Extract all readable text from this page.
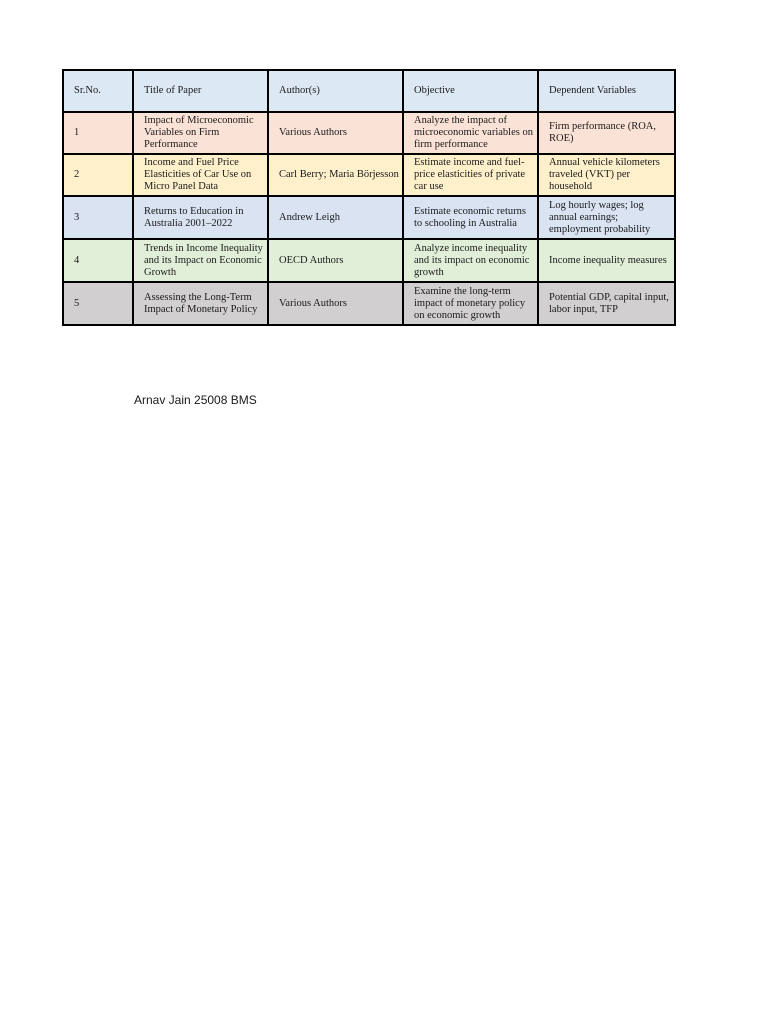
Sr.No.	Title of Paper	Author(s)	Objective	Dependent Variables
1	Impact of Microeconomic Variables on Firm Performance	Various Authors	Analyze the impact of microeconomic variables on firm performance	Firm performance (ROA, ROE)
2	Income and Fuel Price Elasticities of Car Use on Micro Panel Data	Carl Berry; Maria Börjesson	Estimate income and fuel-price elasticities of private car use	Annual vehicle kilometers traveled (VKT) per household
3	Returns to Education in Australia 2001–2022	Andrew Leigh	Estimate economic returns to schooling in Australia	Log hourly wages; log annual earnings; employment probability
4	Trends in Income Inequality and its Impact on Economic Growth	OECD Authors	Analyze income inequality and its impact on economic growth	Income inequality measures
5	Assessing the Long-Term Impact of Monetary Policy	Various Authors	Examine the long-term impact of monetary policy on economic growth	Potential GDP, capital input, labor input, TFP
Arnav Jain 25008 BMS
